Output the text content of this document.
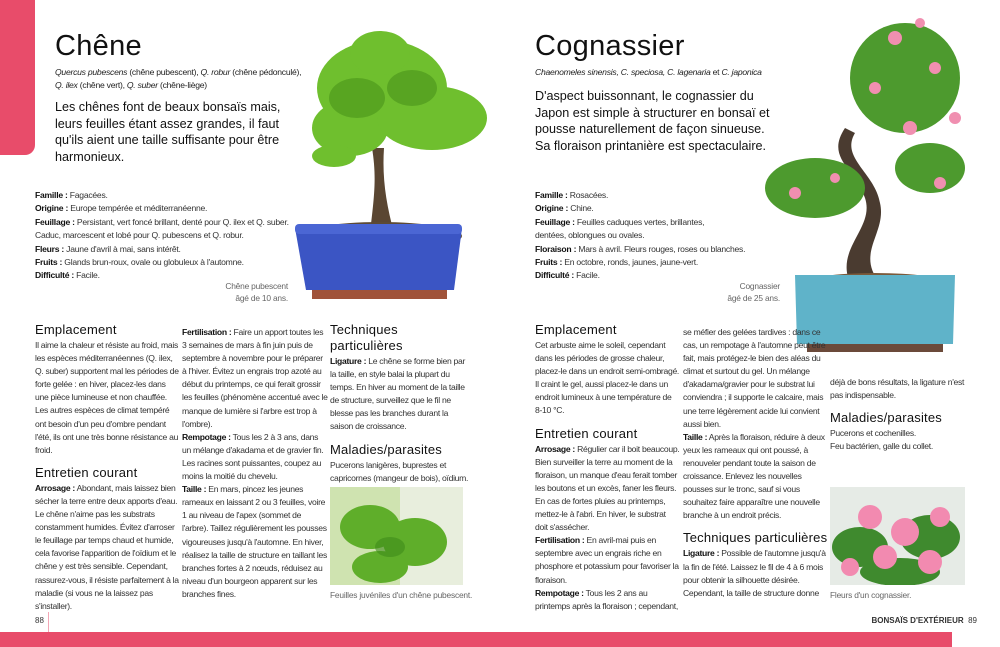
Chêne
Quercus pubescens (chêne pubescent), Q. robur (chêne pédonculé),
Q. ilex (chêne vert), Q. suber (chêne-liège)

Les chênes font de beaux bonsaïs mais, leurs feuilles étant assez grandes, il faut qu'ils aient une taille suffisante pour être harmonieux.

Famille : Fagacées.
Origine : Europe tempérée et méditerranéenne.
Feuillage : Persistant, vert foncé brillant, denté pour Q. ilex et Q. suber. Caduc, marcescent et lobé pour Q. pubescens et Q. robur.
Fleurs : Jaune d'avril à mai, sans intérêt.
Fruits : Glands brun-roux, ovale ou globuleux à l'automne.
Difficulté : Facile.
Chêne pubescent
âgé de 10 ans.
Emplacement

Il aime la chaleur et résiste au froid, mais les espèces méditerranéennes (Q. ilex, Q. suber) supportent mal les périodes de forte gelée : en hiver, placez-les dans une pièce lumineuse et non chauffée. Les autres espèces de climat tempéré ont besoin d'un peu d'ombre pendant l'été, ils ont une très bonne résistance au froid.

Entretien courant

Arrosage : Abondant, mais laissez bien sécher la terre entre deux apports d'eau. Le chêne n'aime pas les substrats constamment humides. Évitez d'arroser le feuillage par temps chaud et humide, cela favorise l'apparition de l'oïdium et le chêne y est très sensible. Cependant, rassurez-vous, il résiste parfaitement à la maladie (si vous ne la laissez pas s'installer).

Fertilisation : Faire un apport toutes les 3 semaines de mars à fin juin puis de septembre à novembre pour le préparer à l'hiver. Évitez un engrais trop azoté au début du printemps, ce qui ferait grossir les feuilles (phénomène accentué avec le manque de lumière si l'arbre est trop à l'ombre).

Rempotage : Tous les 2 à 3 ans, dans un mélange d'akadama et de gravier fin. Les racines sont puissantes, coupez au moins la moitié du chevelu.

Taille : En mars, pincez les jeunes rameaux en laissant 2 ou 3 feuilles, voire 1 au niveau de l'apex (sommet de l'arbre). Taillez régulièrement les pousses vigoureuses jusqu'à l'automne. En hiver, réalisez la taille de structure en taillant les branches fortes à 2 nœuds, réduisez au niveau d'un bourgeon apparent sur les branches fines.

Techniques particulières

Ligature : Le chêne se forme bien par la taille, en style balai la plupart du temps. En hiver au moment de la taille de structure, surveillez que le fil ne blesse pas les branches durant la saison de croissance.

Maladies/parasites

Pucerons lanigères, buprestes et capricornes (mangeur de bois), oïdium.

Feuilles juvéniles d'un chêne pubescent.
88
Cognassier
Chaenomeles sinensis, C. speciosa, C. lagenaria et C. japonica

D'aspect buissonnant, le cognassier du Japon est simple à structurer en bonsaï et pousse naturellement de façon sinueuse. Sa floraison printanière est spectaculaire.

Famille : Rosacées.
Origine : Chine.
Feuillage : Feuilles caduques vertes, brillantes, dentées, oblongues ou ovales.
Floraison : Mars à avril. Fleurs rouges, roses ou blanches.
Fruits : En octobre, ronds, jaunes, jaune-vert.
Difficulté : Facile.
Cognassier
âgé de 25 ans.
Emplacement

Cet arbuste aime le soleil, cependant dans les périodes de grosse chaleur, placez-le dans un endroit semi-ombragé. Il craint le gel, aussi placez-le dans un endroit lumineux à une température de 8-10 °C.

Entretien courant

Arrosage : Régulier car il boit beaucoup. Bien surveiller la terre au moment de la floraison, un manque d'eau ferait tomber les boutons et un excès, faner les fleurs. En cas de fortes pluies au printemps, mettez-le à l'abri. En hiver, le substrat doit s'assécher.

Fertilisation : En avril-mai puis en septembre avec un engrais riche en phosphore et potassium pour favoriser la floraison.

Rempotage : Tous les 2 ans au printemps après la floraison ; cependant,

se méfier des gelées tardives : dans ce cas, un rempotage à l'automne peut être fait, mais protégez-le bien des aléas du climat et surtout du gel. Un mélange d'akadama/gravier pour le substrat lui conviendra ; il supporte le calcaire, mais une terre légèrement acide lui convient aussi bien.

Taille : Après la floraison, réduire à deux yeux les rameaux qui ont poussé, à renouveler pendant toute la saison de croissance. Enlevez les nouvelles pousses sur le tronc, sauf si vous souhaitez faire apparaître une nouvelle branche à un endroit précis.

Techniques particulières

Ligature : Possible de l'automne jusqu'à la fin de l'été. Laissez le fil de 4 à 6 mois pour obtenir la silhouette désirée. Cependant, la taille de structure donne

déjà de bons résultats, la ligature n'est pas indispensable.

Maladies/parasites

Pucerons et cochenilles.

Feu bactérien, galle du collet.

Fleurs d'un cognassier.
BONSAÏS D'EXTÉRIEUR 89
